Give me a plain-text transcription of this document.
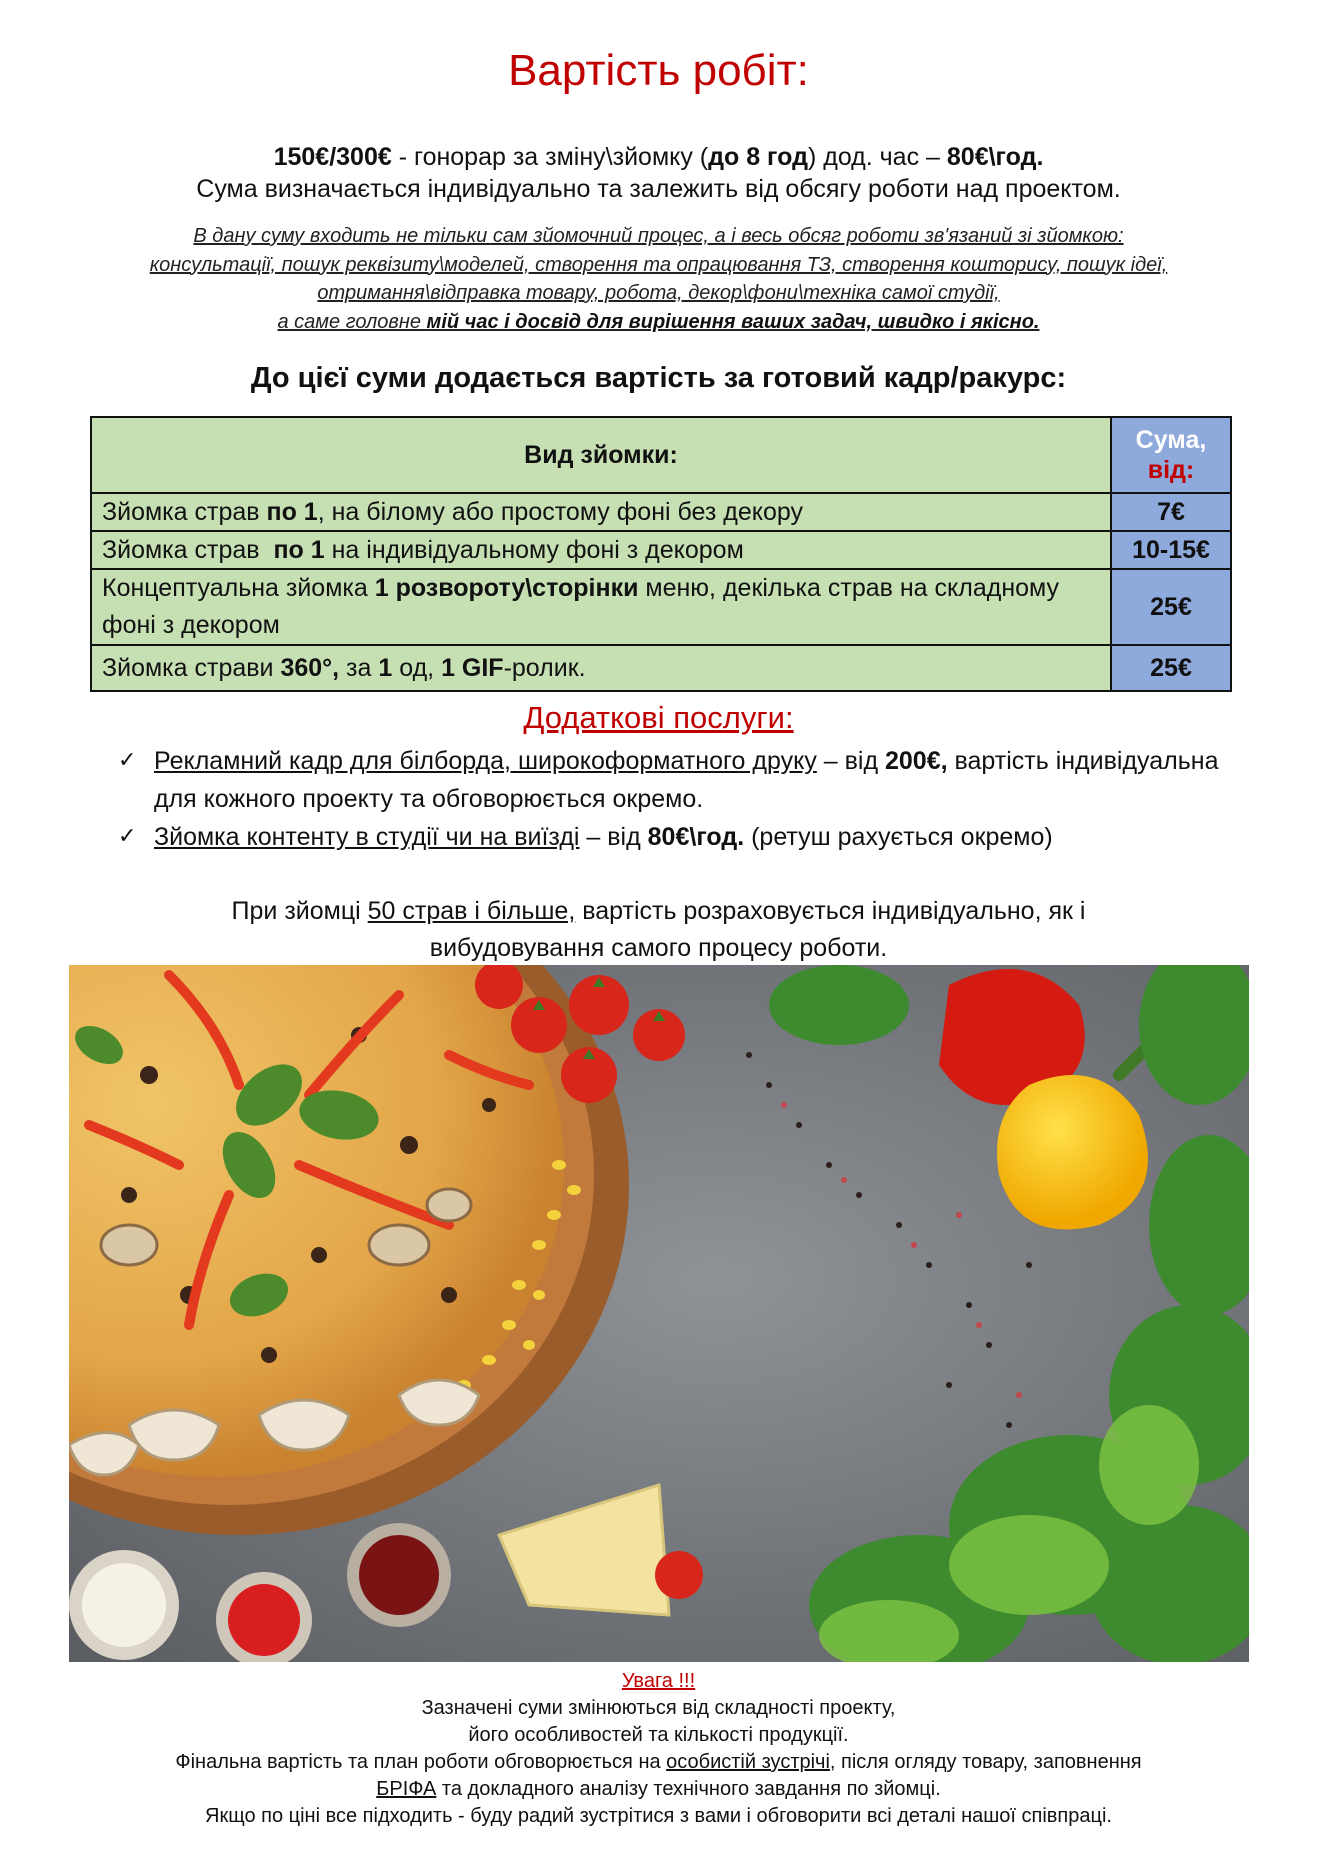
Вартість робіт:
150€/300€ - гонорар за зміну\зйомку (до 8 год) дод. час – 80€\год.
Сума визначається індивідуально та залежить від обсягу роботи над проектом.
В дану суму входить не тільки сам зйомочний процес, а і весь обсяг роботи зв'язаний зі зйомкою:
консультації, пошук реквізиту\моделей, створення та опрацювання ТЗ, створення кошторису, пошук ідеї,
отримання\відправка товару, робота, декор\фони\техніка самої студії,
а саме головне мій час і досвід для вирішення ваших задач, швидко і якісно.
До цієї суми додається вартість за готовий кадр/ракурс:
Вид зйомки:	Сума,
від:

Зйомка страв по 1, на білому або простому фоні без декору	7€
Зйомка страв  по 1 на індивідуальному фоні з декором	10-15€
Концептуальна зйомка 1 розвороту\сторінки меню, декілька страв на складному фоні з декором	25€
Зйомка страви 360°, за 1 од, 1 GIF-ролик.	25€
Додаткові послуги:
✓ Рекламний кадр для білборда, широкоформатного друку – від 200€, вартість індивідуальна для кожного проекту та обговорюється окремо.
✓ Зйомка контенту в студії чи на виїзді – від 80€\год. (ретуш рахується окремо)
При зйомці 50 страв і більше, вартість розраховується індивідуально, як і
вибудовування самого процесу роботи.
Увага !!!
Зазначені суми змінюються від складності проекту,
його особливостей та кількості продукції.
Фінальна вартість та план роботи обговорюється на особистій зустрічі, після огляду товару, заповнення
БРІФА та докладного аналізу технічного завдання по зйомці.
Якщо по ціні все підходить - буду радий зустрітися з вами і обговорити всі деталі нашої співпраці.
